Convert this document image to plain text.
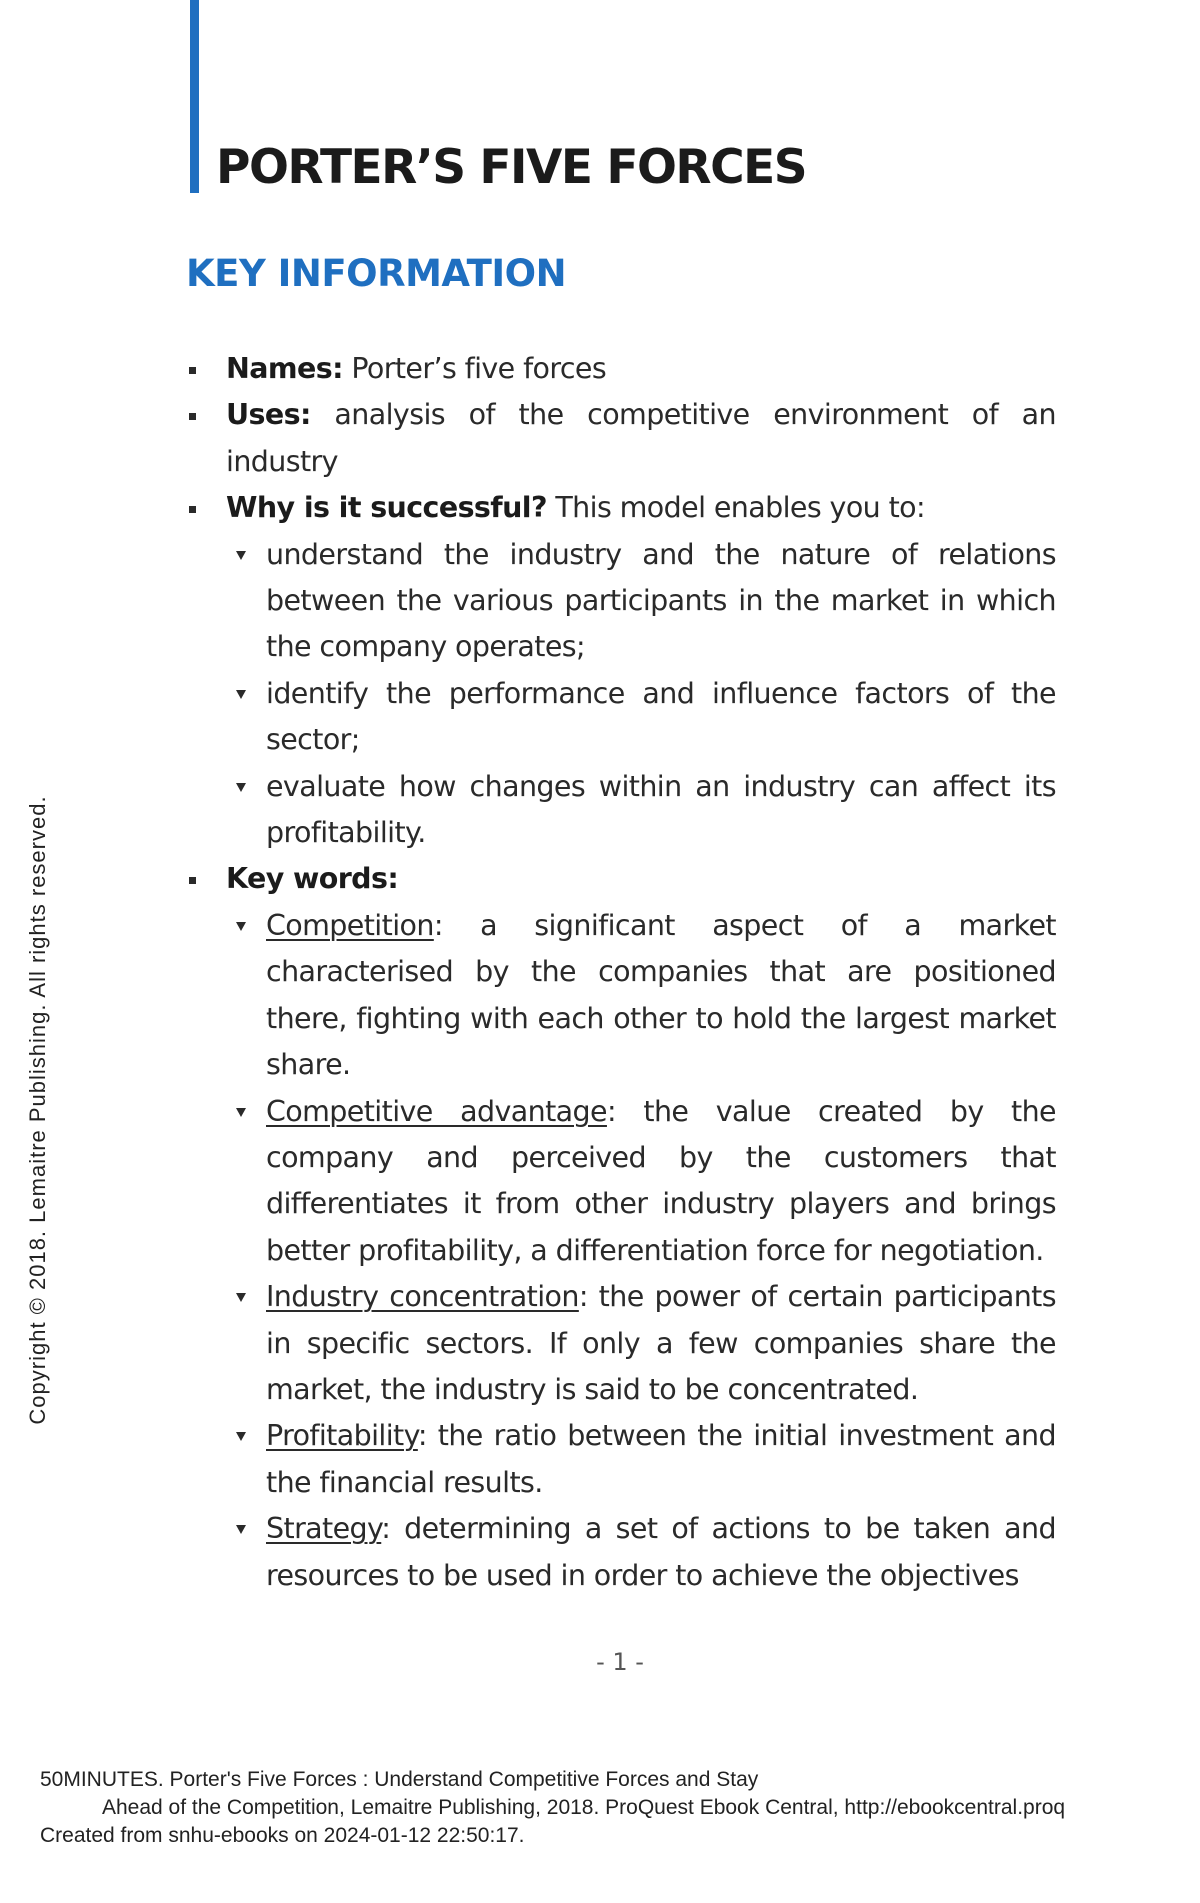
PORTER’S FIVE FORCES
KEY INFORMATION
Names: Porter’s five forces
Uses: analysis of the competitive environment of an industry
Why is it successful? This model enables you to:
understand the industry and the nature of relations between the various participants in the market in which the company operates;
identify the performance and influence factors of the sector;
evaluate how changes within an industry can affect its profitability.
Key words:
Competition: a significant aspect of a market characterised by the companies that are positioned there, fighting with each other to hold the largest market share.
Competitive advantage: the value created by the company and perceived by the customers that differentiates it from other industry players and brings better profitability, a differentiation force for negotiation.
Industry concentration: the power of certain participants in specific sectors. If only a few companies share the market, the industry is said to be concentrated.
Profitability: the ratio between the initial investment and the financial results.
Strategy: determining a set of actions to be taken and resources to be used in order to achieve the objectives
- 1 -
Copyright © 2018. Lemaitre Publishing. All rights reserved.
50MINUTES. Porter's Five Forces : Understand Competitive Forces and Stay
Ahead of the Competition, Lemaitre Publishing, 2018. ProQuest Ebook Central, http://ebookcentral.proq
Created from snhu-ebooks on 2024-01-12 22:50:17.
